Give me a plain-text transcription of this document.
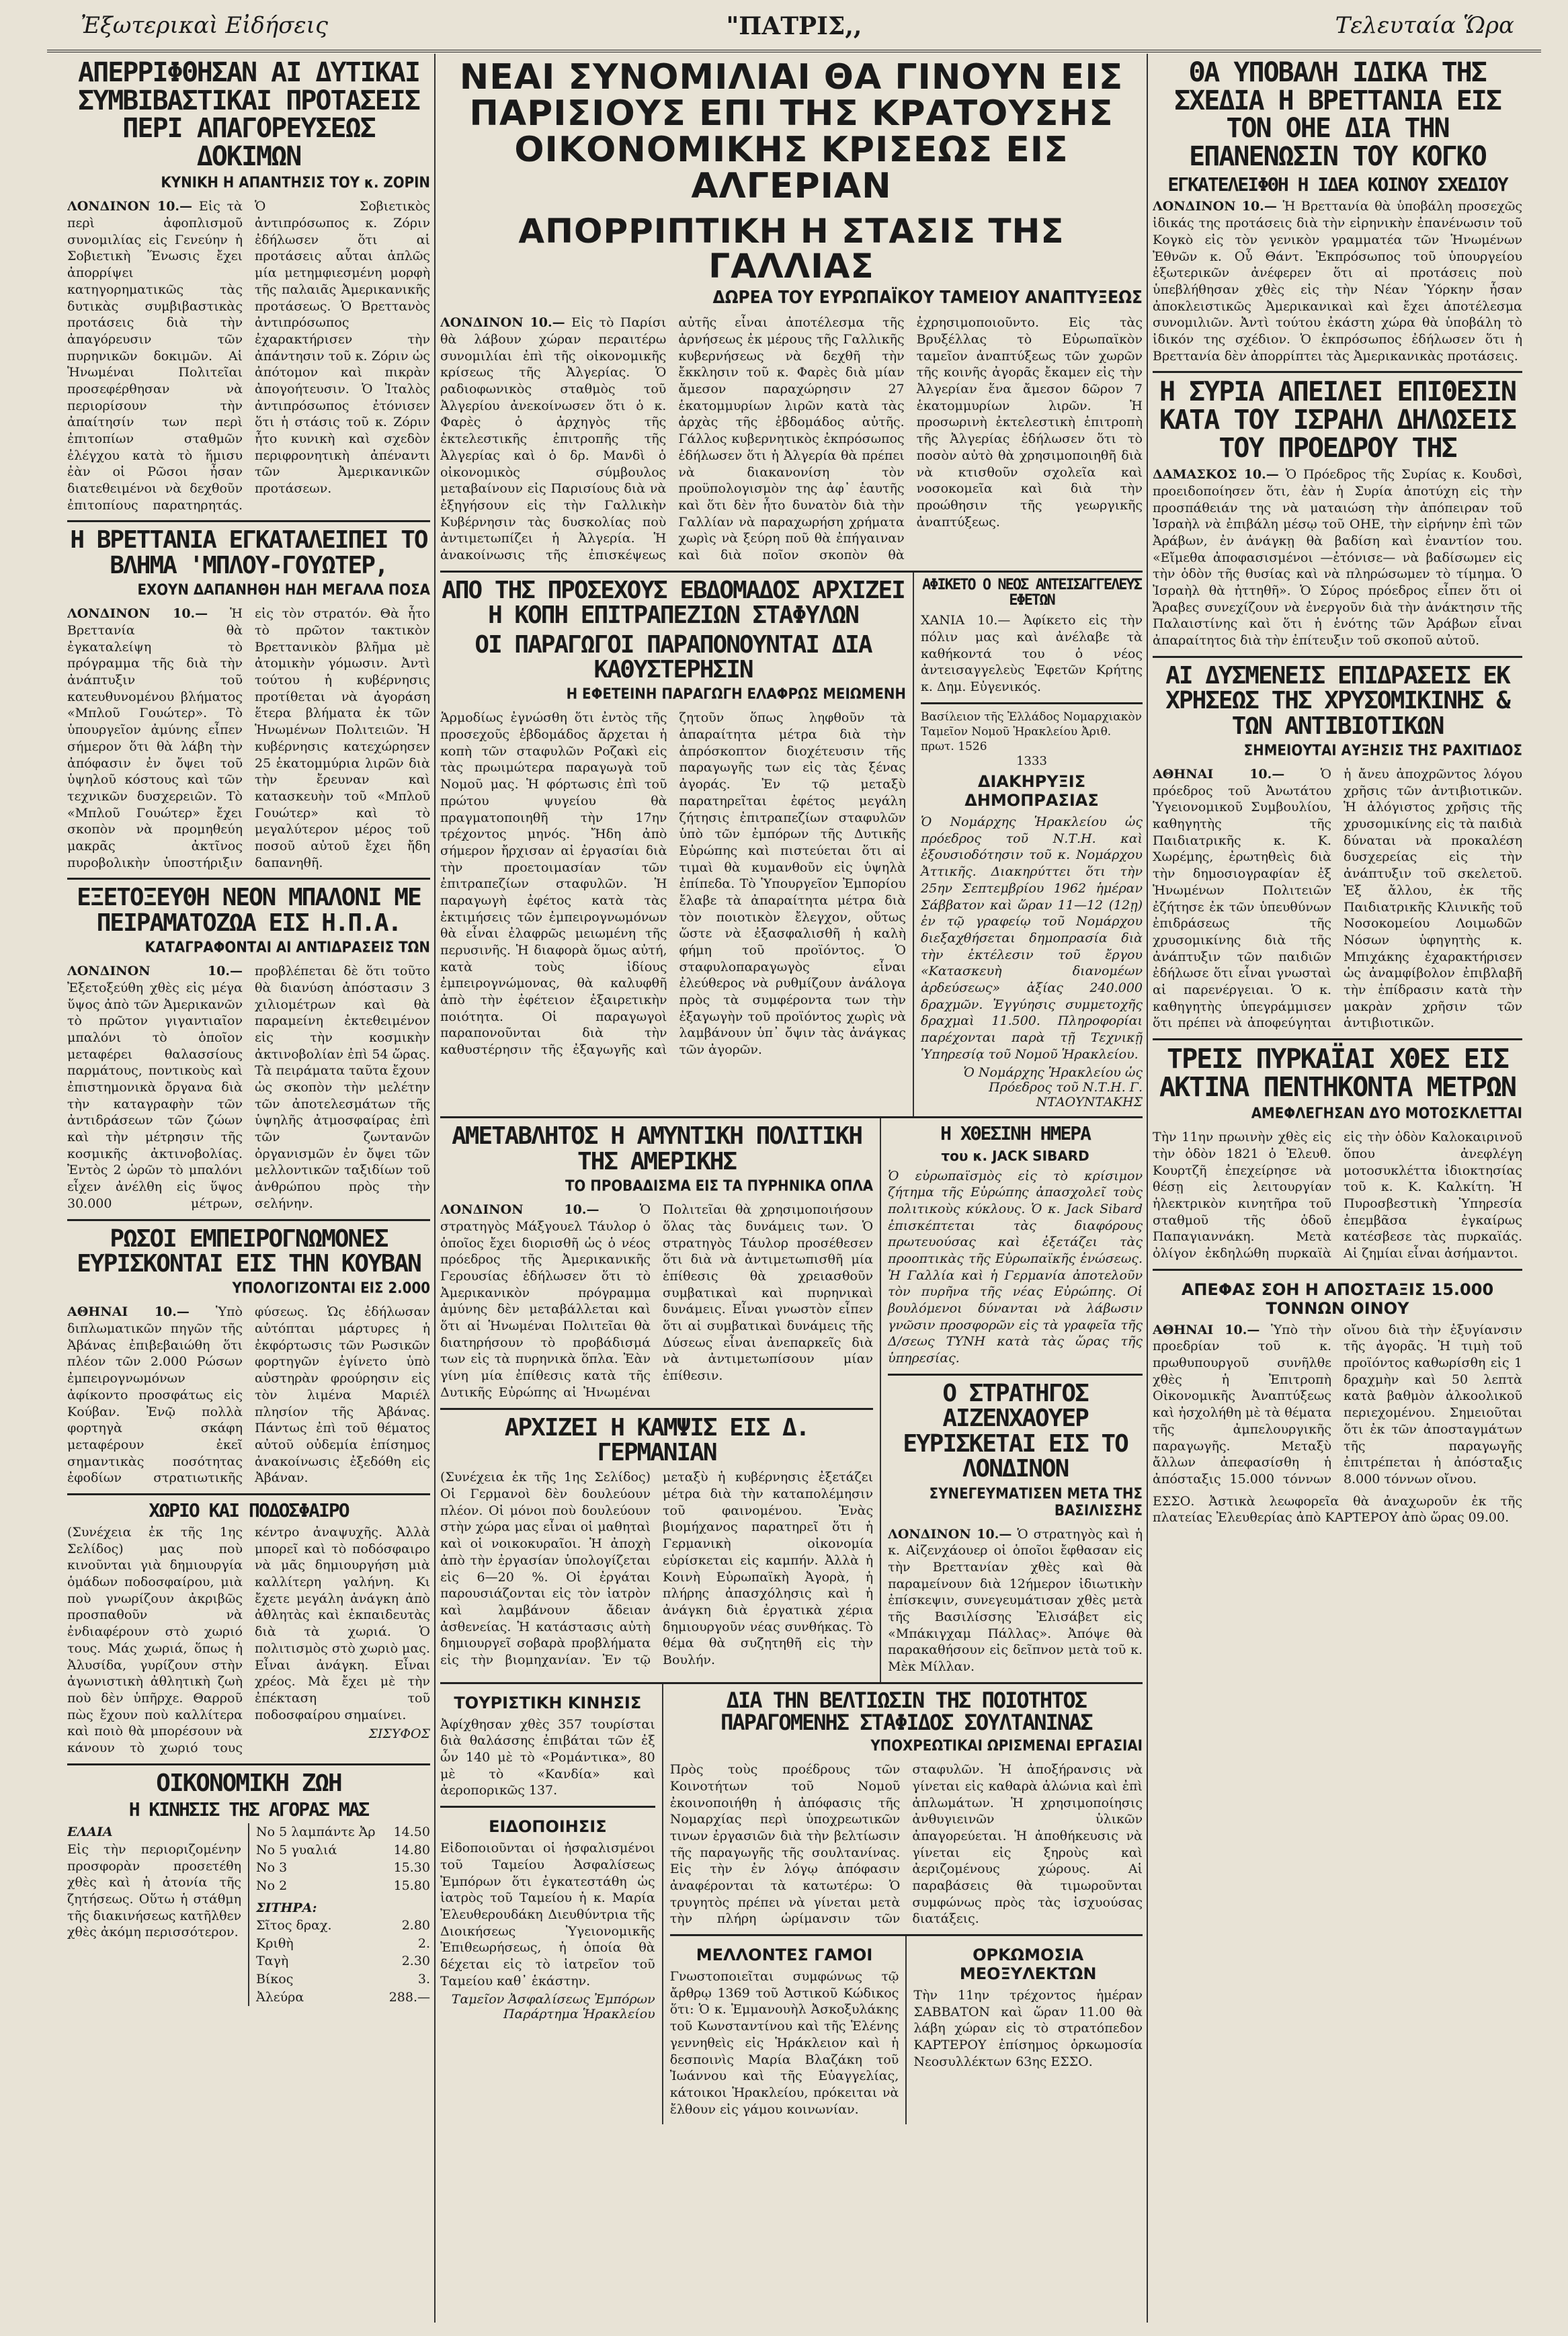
Ἐξωτερικαὶ Εἰδήσεις	"ΠΑΤΡΙΣ,,	Τελευταία Ὥρα
ΑΠΕΡΡΙΦΘΗΣΑΝ ΑΙ ΔΥΤΙΚΑΙ ΣΥΜΒΙΒΑΣΤΙΚΑΙ ΠΡΟΤΑΣΕΙΣ ΠΕΡΙ ΑΠΑΓΟΡΕΥΣΕΩΣ ΔΟΚΙΜΩΝ
ΚΥΝΙΚΗ Η ΑΠΑΝΤΗΣΙΣ ΤΟΥ κ. ΖΟΡΙΝ
ΛΟΝΔΙΝΟΝ 10.— Εἰς τὰ περὶ ἀφοπλισμοῦ συνομιλίας εἰς Γενεύην ἡ Σοβιετικὴ Ἕνωσις ἔχει ἀπορρίψει κατηγορηματικῶς τὰς δυτικὰς συμβιβαστικὰς προτάσεις διὰ τὴν ἀπαγόρευσιν τῶν πυρηνικῶν δοκιμῶν. Αἱ Ἡνωμέναι Πολιτεῖαι προσεφέρθησαν νὰ περιορίσουν τὴν ἀπαίτησίν των περὶ ἐπιτοπίων σταθμῶν ἐλέγχου κατὰ τὸ ἥμισυ ἐὰν οἱ Ρῶσοι ἦσαν διατεθειμένοι νὰ δεχθοῦν ἐπιτοπίους παρατηρητάς. Ὁ Σοβιετικὸς ἀντιπρόσωπος κ. Ζόριν ἐδήλωσεν ὅτι αἱ προτάσεις αὗται ἀπλῶς μία μετημφιεσμένη μορφὴ τῆς παλαιᾶς Ἀμερικανικῆς προτάσεως. Ὁ Βρεττανὸς ἀντιπρόσωπος ἐχαρακτήρισεν τὴν ἀπάντησιν τοῦ κ. Ζόριν ὡς ἀπότομον καὶ πικρὰν ἀπογοήτευσιν. Ὁ Ἰταλὸς ἀντιπρόσωπος ἐτόνισεν ὅτι ἡ στάσις τοῦ κ. Ζόριν ἦτο κυνικὴ καὶ σχεδὸν περιφρονητικὴ ἀπέναντι τῶν Ἀμερικανικῶν προτάσεων.
Η ΒΡΕΤΤΑΝΙΑ ΕΓΚΑΤΑΛΕΙΠΕΙ ΤΟ ΒΛΗΜΑ 'ΜΠΛΟΥ-ΓΟΥΩΤΕΡ,
ΕΧΟΥΝ ΔΑΠΑΝΗΘΗ ΗΔΗ ΜΕΓΑΛΑ ΠΟΣΑ
ΛΟΝΔΙΝΟΝ 10.— Ἡ Βρεττανία θὰ ἐγκαταλείψη τὸ πρόγραμμα τῆς διὰ τὴν ἀνάπτυξιν τοῦ κατευθυνομένου βλήματος «Μπλοῦ Γουώτερ». Τὸ ὑπουργεῖον ἀμύνης εἶπεν σήμερον ὅτι θὰ λάβη τὴν ἀπόφασιν ἐν ὄψει τοῦ ὑψηλοῦ κόστους καὶ τῶν τεχνικῶν δυσχερειῶν. Τὸ «Μπλοῦ Γουώτερ» ἔχει σκοπὸν νὰ προμηθεύη μακρᾶς ἀκτῖνος πυροβολικὴν ὑποστήριξιν εἰς τὸν στρατόν. Θὰ ἦτο τὸ πρῶτον τακτικὸν Βρεττανικὸν βλῆμα μὲ ἀτομικὴν γόμωσιν. Ἀντὶ τούτου ἡ κυβέρνησις προτίθεται νὰ ἀγοράση ἕτερα βλήματα ἐκ τῶν Ἡνωμένων Πολιτειῶν. Ἡ κυβέρνησις κατεχώρησεν 25 ἑκατομμύρια λιρῶν διὰ τὴν ἔρευναν καὶ κατασκευὴν τοῦ «Μπλοῦ Γουώτερ» καὶ τὸ μεγαλύτερον μέρος τοῦ ποσοῦ αὐτοῦ ἔχει ἤδη δαπανηθῆ.
ΕΞΕΤΟΞΕΥΘΗ ΝΕΟΝ ΜΠΑΛΟΝΙ ΜΕ ΠΕΙΡΑΜΑΤΟΖΩΑ ΕΙΣ Η.Π.Α.
ΚΑΤΑΓΡΑΦΟΝΤΑΙ ΑΙ ΑΝΤΙΔΡΑΣΕΙΣ ΤΩΝ
ΛΟΝΔΙΝΟΝ 10.— Ἐξετοξεύθη χθὲς εἰς μέγα ὕψος ἀπὸ τῶν Ἀμερικανῶν τὸ πρῶτον γιγαντιαῖον μπαλόνι τὸ ὁποῖον μεταφέρει θαλασσίους παρμάτους, ποντικοὺς καὶ ἐπιστημονικὰ ὄργανα διὰ τὴν καταγραφὴν τῶν ἀντιδράσεων τῶν ζώων καὶ τὴν μέτρησιν τῆς κοσμικῆς ἀκτινοβολίας. Ἐντὸς 2 ὡρῶν τὸ μπαλόνι εἶχεν ἀνέλθη εἰς ὕψος 30.000 μέτρων, προβλέπεται δὲ ὅτι τοῦτο θὰ διανύση ἀπόστασιν 3 χιλιομέτρων καὶ θὰ παραμείνη ἐκτεθειμένον εἰς τὴν κοσμικὴν ἀκτινοβολίαν ἐπὶ 54 ὥρας. Τὰ πειράματα ταῦτα ἔχουν ὡς σκοπὸν τὴν μελέτην τῶν ἀποτελεσμάτων τῆς ὑψηλῆς ἀτμοσφαίρας ἐπὶ τῶν ζωντανῶν ὀργανισμῶν ἐν ὄψει τῶν μελλοντικῶν ταξιδίων τοῦ ἀνθρώπου πρὸς τὴν σελήνην.
ΡΩΣΟΙ ΕΜΠΕΙΡΟΓΝΩΜΟΝΕΣ ΕΥΡΙΣΚΟΝΤΑΙ ΕΙΣ ΤΗΝ ΚΟΥΒΑΝ
ΥΠΟΛΟΓΙΖΟΝΤΑΙ ΕΙΣ 2.000
ΑΘΗΝΑΙ 10.— Ὑπὸ διπλωματικῶν πηγῶν τῆς Ἀβάνας ἐπιβεβαιώθη ὅτι πλέον τῶν 2.000 Ρώσων ἐμπειρογνωμόνων ἀφίκοντο προσφάτως εἰς Κούβαν. Ἐνῷ πολλὰ φορτηγὰ σκάφη μεταφέρουν ἐκεῖ σημαντικὰς ποσότητας ἐφοδίων στρατιωτικῆς φύσεως. Ὡς ἐδήλωσαν αὐτόπται μάρτυρες ἡ ἐκφόρτωσις τῶν Ρωσικῶν φορτηγῶν ἐγίνετο ὑπὸ αὐστηρὰν φρούρησιν εἰς τὸν λιμένα Μαριέλ πλησίον τῆς Ἀβάνας. Πάντως ἐπὶ τοῦ θέματος αὐτοῦ οὐδεμία ἐπίσημος ἀνακοίνωσις ἐξεδόθη εἰς Ἀβάναν.
ΧΩΡΙΟ ΚΑΙ ΠΟΔΟΣΦΑΙΡΟ
(Συνέχεια ἐκ τῆς 1ης Σελίδος)	μας ποὺ κινοῦνται γιὰ δημιουργία ὁμάδων ποδοσφαίρου, μιὰ ποὺ γνωρίζουν ἀκριβῶς προσπαθοῦν νὰ ἐνδιαφέρουν στὸ χωριό τους. Μάς χωριά, ὅπως ἡ Ἀλυσίδα, γυρίζουν στὴν ἀγωνιστικὴ ἀθλητικὴ ζωὴ ποὺ δὲν ὑπῆρχε. Θαρροῦ πὼς ἔχουν ποὺ καλλίτερα καὶ ποιὸ θὰ μπορέσουν νὰ κάνουν τὸ χωριό τους κέντρο ἀναψυχῆς. Ἀλλὰ μπορεῖ καὶ τὸ ποδόσφαιρο νὰ μᾶς δημιουργήση μιὰ καλλίτερη γαλήνη. Κι ἔχετε μεγάλη ἀνάγκη ἀπὸ ἀθλητὰς καὶ ἐκπαιδευτὰς διὰ τὰ χωριά. Ὁ πολιτισμὸς στὸ χωριὸ μας. Εἶναι ἀνάγκη. Εἶναι χρέος. Μὰ ἔχει μὲ τὴν ἐπέκταση τοῦ ποδοσφαίρου σημαίνει.
ΣΙΣΥΦΟΣ
ΟΙΚΟΝΟΜΙΚΗ ΖΩΗ
Η ΚΙΝΗΣΙΣ ΤΗΣ ΑΓΟΡΑΣ ΜΑΣ
ΕΛΑΙΑ
Εἰς τὴν περιοριζομένην προσφορὰν προσετέθη χθὲς καὶ ἡ ἀτονία τῆς ζητήσεως. Οὕτω ἡ στάθμη τῆς διακινήσεως κατῆλθεν χθὲς ἀκόμη περισσότερον.
Νο 5 λαμπάντε Ἀρ 14.50
Νο 5 γυαλιά	14.80
Νο 3	15.30
Νο 2	15.80
ΣΙΤΗΡΑ:
Σῖτος δραχ.	2.80
Κριθὴ	2.
Ταγὴ	2.30
Βίκος	3.
Ἀλεύρα	288.—
ΝΕΑΙ ΣΥΝΟΜΙΛΙΑΙ ΘΑ ΓΙΝΟΥΝ ΕΙΣ ΠΑΡΙΣΙΟΥΣ ΕΠΙ ΤΗΣ ΚΡΑΤΟΥΣΗΣ ΟΙΚΟΝΟΜΙΚΗΣ ΚΡΙΣΕΩΣ ΕΙΣ ΑΛΓΕΡΙΑΝ
ΑΠΟΡΡΙΠΤΙΚΗ Η ΣΤΑΣΙΣ ΤΗΣ ΓΑΛΛΙΑΣ
ΔΩΡΕΑ ΤΟΥ ΕΥΡΩΠΑΪΚΟΥ ΤΑΜΕΙΟΥ ΑΝΑΠΤΥΞΕΩΣ
ΛΟΝΔΙΝΟΝ 10.— Εἰς τὸ Παρίσι θὰ λάβουν χώραν περαιτέρω συνομιλίαι ἐπὶ τῆς οἰκονομικῆς κρίσεως τῆς Ἀλγερίας. Ὁ ραδιοφωνικὸς σταθμὸς τοῦ Ἀλγερίου ἀνεκοίνωσεν ὅτι ὁ κ. Φαρὲς ὁ ἀρχηγὸς τῆς ἐκτελεστικῆς ἐπιτροπῆς τῆς Ἀλγερίας καὶ ὁ δρ. Μανδὶ ὁ οἰκονομικὸς σύμβουλος μεταβαίνουν εἰς Παρισίους διὰ νὰ ἐξηγήσουν εἰς τὴν Γαλλικὴν Κυβέρνησιν τὰς δυσκολίας ποὺ ἀντιμετωπίζει ἡ Ἀλγερία. Ἡ ἀνακοίνωσις τῆς ἐπισκέψεως αὐτῆς εἶναι ἀποτέλεσμα τῆς ἀρνήσεως ἐκ μέρους τῆς Γαλλικῆς κυβερνήσεως νὰ δεχθῆ τὴν ἔκκλησιν τοῦ κ. Φαρὲς διὰ μίαν ἄμεσον παραχώρησιν 27 ἑκατομμυρίων λιρῶν κατὰ τὰς ἀρχὰς τῆς ἑβδομάδος αὐτῆς. Γάλλος κυβερνητικὸς ἐκπρόσωπος ἐδήλωσεν ὅτι ἡ Ἀλγερία θὰ πρέπει νὰ διακανονίση τὸν προϋπολογισμὸν της ἀφ᾽ ἑαυτῆς καὶ ὅτι δὲν ἦτο δυνατὸν διὰ τὴν Γαλλίαν νὰ παραχωρήση χρήματα χωρὶς νὰ ξεύρη ποῦ θὰ ἐπήγαιναν καὶ διὰ ποῖον σκοπὸν θὰ ἐχρησιμοποιοῦντο. Εἰς τὰς Βρυξέλλας τὸ Εὐρωπαϊκὸν ταμεῖον ἀναπτύξεως τῶν χωρῶν τῆς κοινῆς ἀγορᾶς ἔκαμεν εἰς τὴν Ἀλγερίαν ἕνα ἄμεσον δῶρον 7 ἑκατομμυρίων λιρῶν. Ἡ προσωρινὴ ἐκτελεστικὴ ἐπιτροπὴ τῆς Ἀλγερίας ἐδήλωσεν ὅτι τὸ ποσὸν αὐτὸ θὰ χρησιμοποιηθῆ διὰ νὰ κτισθοῦν σχολεῖα καὶ νοσοκομεῖα καὶ διὰ τὴν προώθησιν τῆς γεωργικῆς ἀναπτύξεως.
ΑΠΟ ΤΗΣ ΠΡΟΣΕΧΟΥΣ ΕΒΔΟΜΑΔΟΣ ΑΡΧΙΖΕΙ Η ΚΟΠΗ ΕΠΙΤΡΑΠΕΖΙΩΝ ΣΤΑΦΥΛΩΝ
ΟΙ ΠΑΡΑΓΩΓΟΙ ΠΑΡΑΠΟΝΟΥΝΤΑΙ ΔΙΑ ΚΑΘΥΣΤΕΡΗΣΙΝ
Η ΕΦΕΤΕΙΝΗ ΠΑΡΑΓΩΓΗ ΕΛΑΦΡΩΣ ΜΕΙΩΜΕΝΗ
Ἁρμοδίως ἐγνώσθη ὅτι ἐντὸς τῆς προσεχοῦς ἑβδομάδος ἄρχεται ἡ κοπὴ τῶν σταφυλῶν Ροζακὶ εἰς τὰς πρωιμώτερα παραγωγὰ τοῦ Νομοῦ μας. Ἡ φόρτωσις ἐπὶ τοῦ πρώτου ψυγείου θὰ πραγματοποιηθῆ τὴν 17ην τρέχοντος μηνός. Ἤδη ἀπὸ σήμερον ἤρχισαν αἱ ἐργασίαι διὰ τὴν προετοιμασίαν τῶν ἐπιτραπεζίων σταφυλῶν. Ἡ παραγωγὴ ἐφέτος κατὰ τὰς ἐκτιμήσεις τῶν ἐμπειρογνωμόνων θὰ εἶναι ἐλαφρῶς μειωμένη τῆς περυσινῆς. Ἡ διαφορὰ ὅμως αὐτή, κατὰ τοὺς ἰδίους ἐμπειρογνώμονας, θὰ καλυφθῆ ἀπὸ τὴν ἐφέτειον ἐξαιρετικὴν ποιότητα. Οἱ παραγωγοὶ παραπονοῦνται διὰ τὴν καθυστέρησιν τῆς ἐξαγωγῆς καὶ ζητοῦν ὅπως ληφθοῦν τὰ ἀπαραίτητα μέτρα διὰ τὴν ἀπρόσκοπτον διοχέτευσιν τῆς παραγωγῆς των εἰς τὰς ξένας ἀγοράς. Ἐν τῷ μεταξὺ παρατηρεῖται ἐφέτος μεγάλη ζήτησις ἐπιτραπεζίων σταφυλῶν ὑπὸ τῶν ἐμπόρων τῆς Δυτικῆς Εὐρώπης καὶ πιστεύεται ὅτι αἱ τιμαὶ θὰ κυμανθοῦν εἰς ὑψηλὰ ἐπίπεδα. Τὸ Ὑπουργεῖον Ἐμπορίου ἔλαβε τὰ ἀπαραίτητα μέτρα διὰ τὸν ποιοτικὸν ἔλεγχον, οὕτως ὥστε νὰ ἐξασφαλισθῆ ἡ καλὴ φήμη τοῦ προϊόντος. Ὁ σταφυλοπαραγωγὸς εἶναι ἐλεύθερος νὰ ρυθμίζουν ἀνάλογα πρὸς τὰ συμφέροντα των τὴν ἐξαγωγὴν τοῦ προϊόντος χωρὶς νὰ λαμβάνουν ὑπ᾽ ὄψιν τὰς ἀνάγκας τῶν ἀγορῶν.
ΑΦΙΚΕΤΟ Ο ΝΕΟΣ ΑΝΤΕΙΣΑΓΓΕΛΕΥΣ ΕΦΕΤΩΝ
ΧΑΝΙΑ 10.— Ἀφίκετο εἰς τὴν πόλιν μας καὶ ἀνέλαβε τὰ καθήκοντά του ὁ νέος ἀντεισαγγελεὺς Ἐφετῶν Κρήτης κ. Δημ. Εὐγενικός.
Βασίλειον τῆς Ἑλλάδος Νομαρχιακὸν Ταμεῖον Νομοῦ Ἡρακλείου Ἀριθ. πρωτ. 1526
1333
ΔΙΑΚΗΡΥΞΙΣ ΔΗΜΟΠΡΑΣΙΑΣ
Ὁ Νομάρχης Ἡρακλείου ὡς πρόεδρος τοῦ Ν.Τ.Η. καὶ ἐξουσιοδότησιν τοῦ κ. Νομάρχου Ἀττικῆς. Διακηρύττει ὅτι τὴν 25ην Σεπτεμβρίου 1962 ἡμέραν Σάββατον καὶ ὥραν 11—12 (12ῃ) ἐν τῷ γραφείῳ τοῦ Νομάρχου διεξαχθήσεται δημοπρασία διὰ τὴν ἐκτέλεσιν τοῦ ἔργου «Κατασκευὴ διανομέων ἀρδεύσεως» ἀξίας 240.000 δραχμῶν. Ἐγγύησις συμμετοχῆς δραχμαὶ 11.500. Πληροφορίαι παρέχονται παρὰ τῇ Τεχνικῇ Ὑπηρεσίᾳ τοῦ Νομοῦ Ἡρακλείου.
Ὁ Νομάρχης Ἡρακλείου ὡς Πρόεδρος τοῦ Ν.Τ.Η. Γ. ΝΤΑΟΥΝΤΑΚΗΣ
ΑΜΕΤΑΒΛΗΤΟΣ Η ΑΜΥΝΤΙΚΗ ΠΟΛΙΤΙΚΗ ΤΗΣ ΑΜΕΡΙΚΗΣ
ΤΟ ΠΡΟΒΑΔΙΣΜΑ ΕΙΣ ΤΑ ΠΥΡΗΝΙΚΑ ΟΠΛΑ
ΛΟΝΔΙΝΟΝ 10.—	Ὁ στρατηγὸς Μάξγουελ Τάυλορ ὁ ὁποῖος ἔχει διορισθῆ ὡς ὁ νέος πρόεδρος τῆς Ἀμερικανικῆς Γερουσίας ἐδήλωσεν ὅτι τὸ Ἀμερικανικὸν πρόγραμμα ἀμύνης δὲν μεταβάλλεται καὶ ὅτι αἱ Ἡνωμέναι Πολιτεῖαι θὰ διατηρήσουν τὸ προβάδισμά των εἰς τὰ πυρηνικὰ ὅπλα. Ἐὰν γίνη μία ἐπίθεσις κατὰ τῆς Δυτικῆς Εὐρώπης αἱ Ἡνωμέναι Πολιτεῖαι θὰ χρησιμοποιήσουν ὅλας τὰς δυνάμεις των. Ὁ στρατηγὸς Τάυλορ προσέθεσεν ὅτι διὰ νὰ ἀντιμετωπισθῆ μία ἐπίθεσις θὰ χρειασθοῦν συμβατικαὶ καὶ πυρηνικαὶ δυνάμεις. Εἶναι γνωστὸν εἶπεν ὅτι αἱ συμβατικαὶ δυνάμεις τῆς Δύσεως εἶναι ἀνεπαρκεῖς διὰ νὰ ἀντιμετωπίσουν μίαν ἐπίθεσιν.
ΑΡΧΙΖΕΙ Η ΚΑΜΨΙΣ ΕΙΣ Δ. ΓΕΡΜΑΝΙΑΝ
(Συνέχεια ἐκ τῆς 1ης Σελίδος) Οἱ Γερμανοὶ δὲν δουλεύουν πλέον. Οἱ μόνοι ποὺ δουλεύουν στὴν χώρα μας εἶναι οἱ μαθηταὶ καὶ οἱ νοικοκυραῖοι. Ἡ ἀποχὴ ἀπὸ τὴν ἐργασίαν ὑπολογίζεται εἰς 6—20 %. Οἱ ἐργάται παρουσιάζονται εἰς τὸν ἰατρὸν καὶ λαμβάνουν ἄδειαν ἀσθενείας. Ἡ κατάστασις αὐτὴ δημιουργεῖ σοβαρὰ προβλήματα εἰς τὴν βιομηχανίαν. Ἐν τῷ μεταξὺ ἡ κυβέρνησις ἐξετάζει μέτρα διὰ τὴν καταπολέμησιν τοῦ φαινομένου. Ἐνὰς βιομήχανος παρατηρεῖ ὅτι ἡ Γερμανικὴ οἰκονομία εὑρίσκεται εἰς καμπήν. Ἀλλὰ ἡ Κοινὴ Εὐρωπαϊκὴ Ἀγορὰ, ἡ πλήρης ἀπασχόλησις καὶ ἡ ἀνάγκη διὰ ἐργατικὰ χέρια δημιουργοῦν νέας συνθήκας. Τὸ θέμα θὰ συζητηθῆ εἰς τὴν Βουλήν.
Η ΧΘΕΣΙΝΗ ΗΜΕΡΑ
του κ. JACK SIBARD
Ὁ εὐρωπαϊσμὸς εἰς τὸ κρίσιμον ζήτημα τῆς Εὐρώπης ἀπασχολεῖ τοὺς πολιτικοὺς κύκλους. Ὁ κ. Jack Sibard ἐπισκέπτεται τὰς διαφόρους πρωτευούσας καὶ ἐξετάζει τὰς προοπτικὰς τῆς Εὐρωπαϊκῆς ἑνώσεως. Ἡ Γαλλία καὶ ἡ Γερμανία ἀποτελοῦν τὸν πυρῆνα τῆς νέας Εὐρώπης. Οἱ βουλόμενοι δύνανται νὰ λάβωσιν γνῶσιν προσφορῶν εἰς τὰ γραφεῖα τῆς Δ/σεως ΤΥΝΗ κατὰ τὰς ὥρας τῆς ὑπηρεσίας.
Ο ΣΤΡΑΤΗΓΟΣ ΑΙΖΕΝΧΑΟΥΕΡ ΕΥΡΙΣΚΕΤΑΙ ΕΙΣ ΤΟ ΛΟΝΔΙΝΟΝ
ΣΥΝΕΓΕΥΜΑΤΙΣΕΝ ΜΕΤΑ ΤΗΣ ΒΑΣΙΛΙΣΣΗΣ
ΛΟΝΔΙΝΟΝ 10.— Ὁ στρατηγὸς καὶ ἡ κ. Αἰζενχάουερ οἱ ὁποῖοι ἔφθασαν εἰς τὴν Βρεττανίαν χθὲς καὶ θὰ παραμείνουν διὰ 12ήμερον ἰδιωτικὴν ἐπίσκεψιν, συνεγευμάτισαν χθὲς μετὰ τῆς Βασιλίσσης Ἐλισάβετ εἰς «Μπάκιγχαμ Πάλλας». Ἀπόψε θὰ παρακαθήσουν εἰς δεῖπνον μετὰ τοῦ κ. Μὲκ Μίλλαν.
ΤΟΥΡΙΣΤΙΚΗ ΚΙΝΗΣΙΣ
Ἀφίχθησαν χθὲς 357 τουρίσται διὰ θαλάσσης ἐπιβάται τῶν ἐξ ὧν 140 μὲ τὸ «Ρομάντικα», 80 μὲ τὸ «Κανδία» καὶ ἀεροπορικῶς 137.
ΕΙΔΟΠΟΙΗΣΙΣ
Εἰδοποιοῦνται οἱ ἠσφαλισμένοι τοῦ Ταμείου Ἀσφαλίσεως Ἐμπόρων ὅτι ἐγκατεστάθη ὡς ἰατρὸς τοῦ Ταμείου ἡ κ. Μαρία Ἐλευθερουδάκη Διευθύντρια τῆς Διοικήσεως Ὑγειονομικῆς Ἐπιθεωρήσεως, ἡ ὁποία θὰ δέχεται εἰς τὸ ἰατρεῖον τοῦ Ταμείου καθ᾽ ἑκάστην.
Ταμεῖον Ἀσφαλίσεως Ἐμπόρων Παράρτημα Ἡρακλείου
ΔΙΑ ΤΗΝ ΒΕΛΤΙΩΣΙΝ ΤΗΣ ΠΟΙΟΤΗΤΟΣ ΠΑΡΑΓΟΜΕΝΗΣ ΣΤΑΦΙΔΟΣ ΣΟΥΛΤΑΝΙΝΑΣ
ΥΠΟΧΡΕΩΤΙΚΑΙ ΩΡΙΣΜΕΝΑΙ ΕΡΓΑΣΙΑΙ
Πρὸς τοὺς προέδρους τῶν Κοινοτήτων τοῦ Νομοῦ ἐκοινοποιήθη ἡ ἀπόφασις τῆς Νομαρχίας περὶ ὑποχρεωτικῶν τινων ἐργασιῶν διὰ τὴν βελτίωσιν τῆς παραγωγῆς τῆς σουλτανίνας. Εἰς τὴν ἐν λόγῳ ἀπόφασιν ἀναφέρονται τὰ κατωτέρω: Ὁ τρυγητὸς πρέπει νὰ γίνεται μετὰ τὴν πλήρη ὡρίμανσιν τῶν σταφυλῶν. Ἡ ἀποξήρανσις νὰ γίνεται εἰς καθαρὰ ἁλώνια καὶ ἐπὶ ἀπλωμάτων. Ἡ χρησιμοποίησις ἀνθυγιεινῶν ὑλικῶν ἀπαγορεύεται. Ἡ ἀποθήκευσις νὰ γίνεται εἰς ξηροὺς καὶ ἀεριζομένους χώρους. Αἱ παραβάσεις θὰ τιμωροῦνται συμφώνως πρὸς τὰς ἰσχυούσας διατάξεις.
ΜΕΛΛΟΝΤΕΣ ΓΑΜΟΙ
Γνωστοποιεῖται συμφώνως τῷ ἄρθρῳ 1369 τοῦ Ἀστικοῦ Κώδικος ὅτι: Ὁ κ. Ἐμμανουὴλ Ἀσκοξυλάκης τοῦ Κωνσταντίνου καὶ τῆς Ἑλένης γεννηθεὶς εἰς Ἡράκλειον καὶ ἡ δεσποινὶς Μαρία Βλαζάκη τοῦ Ἰωάννου καὶ τῆς Εὐαγγελίας, κάτοικοι Ἡρακλείου, πρόκειται νὰ ἔλθουν εἰς γάμου κοινωνίαν.
ΟΡΚΩΜΟΣΙΑ ΜΕΟΞΥΛΕΚΤΩΝ
Τὴν 11ην τρέχοντος ἡμέραν ΣΑΒΒΑΤΟΝ καὶ ὥραν 11.00 θὰ λάβη χώραν εἰς τὸ στρατόπεδον ΚΑΡΤΕΡΟΥ ἐπίσημος ὁρκωμοσία Νεοσυλλέκτων 63ης ΕΣΣΟ.
ΘΑ ΥΠΟΒΑΛΗ ΙΔΙΚΑ ΤΗΣ ΣΧΕΔΙΑ Η ΒΡΕΤΤΑΝΙΑ ΕΙΣ ΤΟΝ ΟΗΕ ΔΙΑ ΤΗΝ ΕΠΑΝΕΝΩΣΙΝ ΤΟΥ ΚΟΓΚΟ
ΕΓΚΑΤΕΛΕΙΦΘΗ Η ΙΔΕΑ ΚΟΙΝΟΥ ΣΧΕΔΙΟΥ
ΛΟΝΔΙΝΟΝ 10.— Ἡ Βρεττανία θὰ ὑποβάλη προσεχῶς ἰδικάς της προτάσεις διὰ τὴν εἰρηνικὴν ἐπανένωσιν τοῦ Κογκὸ εἰς τὸν γενικὸν γραμματέα τῶν Ἡνωμένων Ἐθνῶν κ. Οὖ Θάντ. Ἐκπρόσωπος τοῦ ὑπουργείου ἐξωτερικῶν ἀνέφερεν ὅτι αἱ προτάσεις ποὺ ὑπεβλήθησαν χθὲς εἰς τὴν Νέαν Ὑόρκην ἦσαν ἀποκλειστικῶς Ἀμερικανικαὶ καὶ ἔχει ἀποτέλεσμα συνομιλιῶν. Ἀντὶ τούτου ἐκάστη χώρα θὰ ὑποβάλη τὸ ἰδικόν της σχέδιον. Ὁ ἐκπρόσωπος ἐδήλωσεν ὅτι ἡ Βρεττανία δὲν ἀπορρίπτει τὰς Ἀμερικανικὰς προτάσεις.
Η ΣΥΡΙΑ ΑΠΕΙΛΕΙ ΕΠΙΘΕΣΙΝ ΚΑΤΑ ΤΟΥ ΙΣΡΑΗΛ ΔΗΛΩΣΕΙΣ ΤΟΥ ΠΡΟΕΔΡΟΥ ΤΗΣ
ΔΑΜΑΣΚΟΣ 10.— Ὁ Πρόεδρος τῆς Συρίας κ. Κουδσὶ, προειδοποίησεν ὅτι, ἐὰν ἡ Συρία ἀποτύχη εἰς τὴν προσπάθειάν της νὰ ματαιώση τὴν ἀπόπειραν τοῦ Ἰσραὴλ νὰ ἐπιβάλη μέσῳ τοῦ ΟΗΕ, τὴν εἰρήνην ἐπὶ τῶν Ἀράβων, ἐν ἀνάγκῃ θὰ βαδίση καὶ ἐναντίον του. «Εἴμεθα ἀποφασισμένοι —ἐτόνισε— νὰ βαδίσωμεν εἰς τὴν ὁδὸν τῆς θυσίας καὶ νὰ πληρώσωμεν τὸ τίμημα. Ὁ Ἰσραὴλ θὰ ἠττηθῆ». Ὁ Σύρος πρόεδρος εἶπεν ὅτι οἱ Ἄραβες συνεχίζουν νὰ ἐνεργοῦν διὰ τὴν ἀνάκτησιν τῆς Παλαιστίνης καὶ ὅτι ἡ ἑνότης τῶν Ἀράβων εἶναι ἀπαραίτητος διὰ τὴν ἐπίτευξιν τοῦ σκοποῦ αὐτοῦ.
ΑΙ ΔΥΣΜΕΝΕΙΣ ΕΠΙΔΡΑΣΕΙΣ ΕΚ ΧΡΗΣΕΩΣ ΤΗΣ ΧΡΥΣΟΜΙΚΙΝΗΣ & ΤΩΝ ΑΝΤΙΒΙΟΤΙΚΩΝ
ΣΗΜΕΙΟΥΤΑΙ ΑΥΞΗΣΙΣ ΤΗΣ ΡΑΧΙΤΙΔΟΣ
ΑΘΗΝΑΙ 10.—	Ὁ πρόεδρος τοῦ Ἀνωτάτου Ὑγειονομικοῦ Συμβουλίου, καθηγητὴς τῆς Παιδιατρικῆς κ. Κ. Χωρέμης, ἐρωτηθεὶς διὰ τὴν δημοσιογραφίαν ἐξ Ἡνωμένων Πολιτειῶν ἐζήτησε ἐκ τῶν ὑπευθύνων ἐπιδράσεως τῆς χρυσομικίνης διὰ τῆς ἀνάπτυξιν τῶν παιδιῶν ἐδήλωσε ὅτι εἶναι γνωσταὶ αἱ παρενέργειαι. Ὁ κ. καθηγητὴς ὑπεγράμμισεν ὅτι πρέπει νὰ ἀποφεύγηται ἡ ἄνευ ἀποχρῶντος λόγου χρῆσις τῶν ἀντιβιοτικῶν. Ἡ ἀλόγιστος χρῆσις τῆς χρυσομικίνης εἰς τὰ παιδιὰ δύναται νὰ προκαλέση δυσχερείας εἰς τὴν ἀνάπτυξιν τοῦ σκελετοῦ. Ἐξ ἄλλου, ἐκ τῆς Παιδιατρικῆς Κλινικῆς τοῦ Νοσοκομείου Λοιμωδῶν Νόσων ὑφηγητὴς κ. Μπιχάκης ἐχαρακτήρισεν ὡς ἀναμφίβολον ἐπιβλαβῆ τὴν ἐπίδρασιν κατὰ τὴν μακρὰν χρῆσιν τῶν ἀντιβιοτικῶν.
ΤΡΕΙΣ ΠΥΡΚΑΪΑΙ ΧΘΕΣ ΕΙΣ ΑΚΤΙΝΑ ΠΕΝΤΗΚΟΝΤΑ ΜΕΤΡΩΝ
ΑΜΕΦΛΕΓΗΣΑΝ ΔΥΟ ΜΟΤΟΣΚΛΕΤΤΑΙ
Τὴν 11ην πρωινὴν χθὲς εἰς τὴν ὁδὸν 1821 ὁ Ἐλευθ. Κουρτζῆ ἐπεχείρησε νὰ θέσῃ εἰς λειτουργίαν ἡλεκτρικὸν κινητῆρα τοῦ σταθμοῦ τῆς ὁδοῦ Παπαγιαννάκη. Μετὰ ὀλίγον ἐκδηλώθη πυρκαϊὰ εἰς τὴν ὁδὸν Καλοκαιρινοῦ ὅπου ἀνεφλέγη μοτοσυκλέττα ἰδιοκτησίας τοῦ κ. Κ. Καλκίτη. Ἡ Πυροσβεστικὴ Ὑπηρεσία ἐπεμβᾶσα ἐγκαίρως κατέσβεσε τὰς πυρκαϊάς. Αἱ ζημίαι εἶναι ἀσήμαντοι.
ΑΠΕΦΑΣ ΣΟΗ Η ΑΠΟΣΤΑΞΙΣ 15.000 ΤΟΝΝΩΝ ΟΙΝΟΥ
ΑΘΗΝΑΙ 10.— Ὑπὸ τὴν προεδρίαν τοῦ κ. πρωθυπουργοῦ συνῆλθε χθὲς ἡ Ἐπιτροπὴ Οἰκονομικῆς Ἀναπτύξεως καὶ ἠσχολήθη μὲ τὰ θέματα τῆς ἀμπελουργικῆς παραγωγῆς. Μεταξὺ ἄλλων ἀπεφασίσθη ἡ ἀπόσταξις 15.000 τόννων οἴνου διὰ τὴν ἐξυγίανσιν τῆς ἀγορᾶς. Ἡ τιμὴ τοῦ προϊόντος καθωρίσθη εἰς 1 δραχμὴν καὶ 50 λεπτὰ κατὰ βαθμὸν ἀλκοολικοῦ περιεχομένου. Σημειοῦται ὅτι ἐκ τῶν ἀποσταγμάτων τῆς παραγωγῆς ἐπιτρέπεται ἡ ἀπόσταξις 8.000 τόννων οἴνου.
ΕΣΣΟ. Ἀστικὰ λεωφορεῖα θὰ ἀναχωροῦν ἐκ τῆς πλατείας Ἐλευθερίας ἀπὸ ΚΑΡΤΕΡΟΥ ἀπὸ ὥρας 09.00.
